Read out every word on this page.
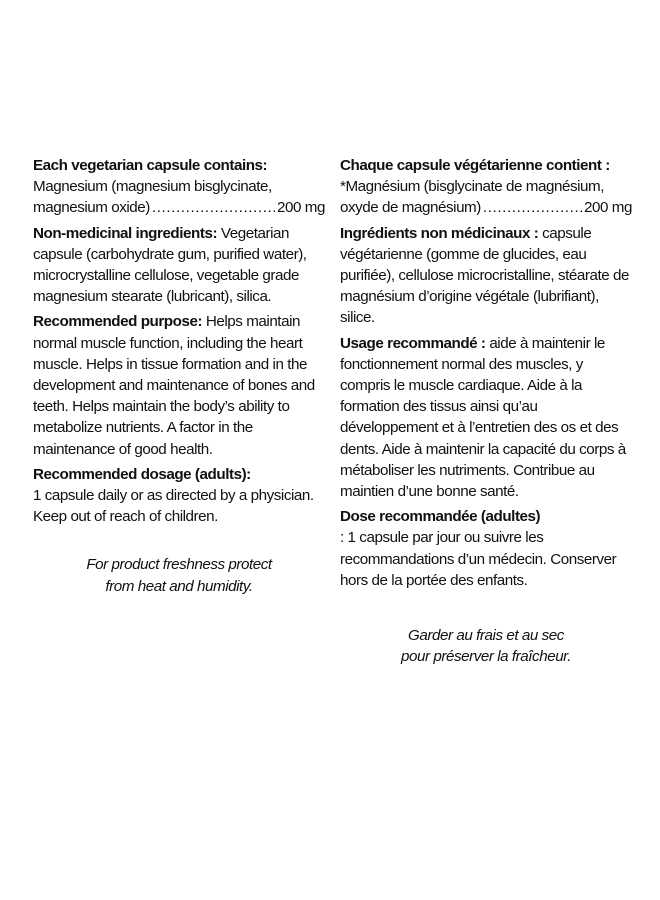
Each vegetarian capsule contains:
Magnesium (magnesium bisglycinate,
magnesium oxide) .....	200 mg
Non-medicinal ingredients: Vegetarian capsule (carbohydrate gum, purified water), microcrystalline cellulose, vegetable grade magnesium stearate (lubricant), silica.
Recommended purpose: Helps maintain normal muscle function, including the heart muscle. Helps in tissue formation and in the development and maintenance of bones and teeth. Helps maintain the body’s ability to metabolize nutrients. A factor in the maintenance of good health.
Recommended dosage (adults):
1 capsule daily or as directed by a physician. Keep out of reach of children.
For product freshness protect
from heat and humidity.
Chaque capsule végétarienne contient :
*Magnésium (bisglycinate de magnésium,
oxyde de magnésium) .....	200 mg
Ingrédients non médicinaux : capsule végétarienne (gomme de glucides, eau purifiée), cellulose microcristalline, stéarate de magnésium d’origine végétale (lubrifiant), silice.
Usage recommandé : aide à maintenir le fonctionnement normal des muscles, y compris le muscle cardiaque. Aide à la formation des tissus ainsi qu’au développement et à l’entretien des os et des dents. Aide à maintenir la capacité du corps à métaboliser les nutriments. Contribue au maintien d’une bonne santé.
Dose recommandée (adultes)
: 1 capsule par jour ou suivre les recommandations d’un médecin. Conserver hors de la portée des enfants.
Garder au frais et au sec
pour préserver la fraîcheur.
